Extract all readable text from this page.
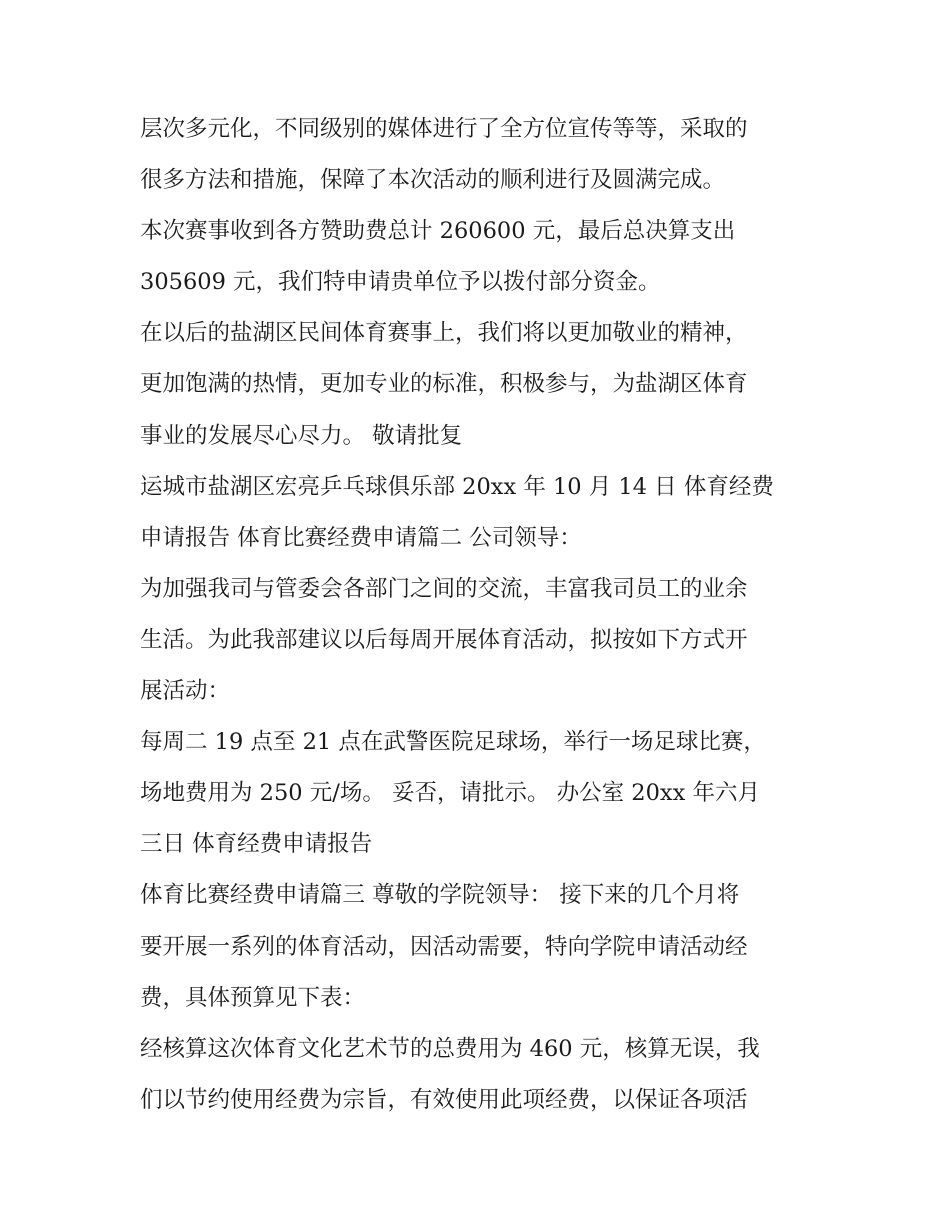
层次多元化，不同级别的媒体进行了全方位宣传等等，采取的
很多方法和措施，保障了本次活动的顺利进行及圆满完成。
本次赛事收到各方赞助费总计 260600 元，最后总决算支出
305609 元，我们特申请贵单位予以拨付部分资金。
在以后的盐湖区民间体育赛事上，我们将以更加敬业的精神，
更加饱满的热情，更加专业的标准，积极参与，为盐湖区体育
事业的发展尽心尽力。 敬请批复
运城市盐湖区宏亮乒乓球俱乐部 20xx 年 10 月 14 日 体育经费
申请报告 体育比赛经费申请篇二 公司领导：
为加强我司与管委会各部门之间的交流，丰富我司员工的业余
生活。为此我部建议以后每周开展体育活动，拟按如下方式开
展活动：
每周二 19 点至 21 点在武警医院足球场，举行一场足球比赛，
场地费用为 250 元/场。 妥否，请批示。 办公室 20xx 年六月
三日 体育经费申请报告
体育比赛经费申请篇三 尊敬的学院领导： 接下来的几个月将
要开展一系列的体育活动，因活动需要，特向学院申请活动经
费，具体预算见下表：
经核算这次体育文化艺术节的总费用为 460 元，核算无误，我
们以节约使用经费为宗旨，有效使用此项经费，以保证各项活
